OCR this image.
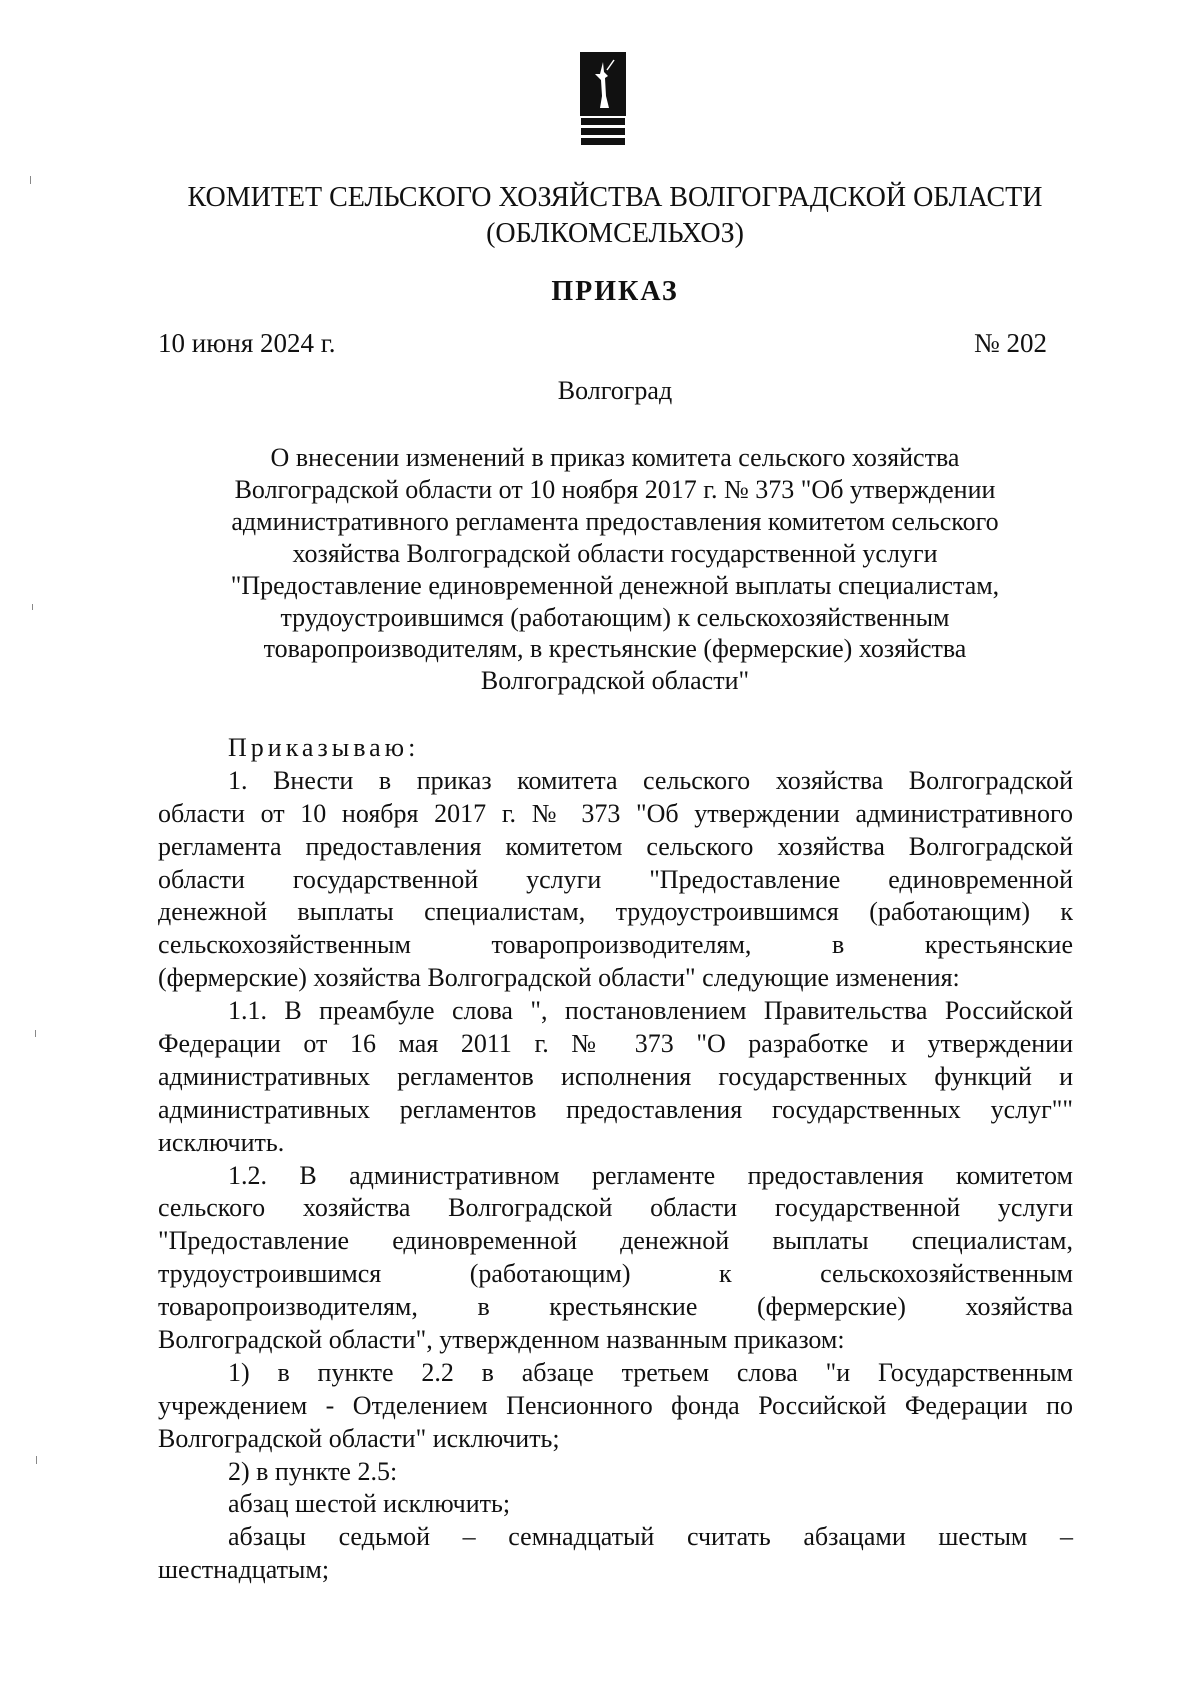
КОМИТЕТ СЕЛЬСКОГО ХОЗЯЙСТВА ВОЛГОГРАДСКОЙ ОБЛАСТИ
(ОБЛКОМСЕЛЬХОЗ)
ПРИКАЗ
10 июня 2024 г.	№ 202
Волгоград
О внесении изменений в приказ комитета сельского хозяйства
Волгоградской области от 10 ноября 2017 г. № 373 "Об утверждении
административного регламента предоставления комитетом сельского
хозяйства Волгоградской области государственной услуги
"Предоставление единовременной денежной выплаты специалистам,
трудоустроившимся (работающим) к сельскохозяйственным
товаропроизводителям, в крестьянские (фермерские) хозяйства
Волгоградской области"
Приказываю:
1. Внести в приказ комитета сельского хозяйства Волгоградской
области от 10 ноября 2017 г. № 373 "Об утверждении административного
регламента предоставления комитетом сельского хозяйства Волгоградской
области государственной услуги "Предоставление единовременной
денежной выплаты специалистам, трудоустроившимся (работающим) к
сельскохозяйственным товаропроизводителям, в крестьянские
(фермерские) хозяйства Волгоградской области" следующие изменения:
1.1. В преамбуле слова ", постановлением Правительства Российской
Федерации от 16 мая 2011 г. № 373 "О разработке и утверждении
административных регламентов исполнения государственных функций и
административных регламентов предоставления государственных услуг""
исключить.
1.2. В административном регламенте предоставления комитетом
сельского хозяйства Волгоградской области государственной услуги
"Предоставление единовременной денежной выплаты специалистам,
трудоустроившимся (работающим) к сельскохозяйственным
товаропроизводителям, в крестьянские (фермерские) хозяйства
Волгоградской области", утвержденном названным приказом:
1) в пункте 2.2 в абзаце третьем слова "и Государственным
учреждением - Отделением Пенсионного фонда Российской Федерации по
Волгоградской области" исключить;
2) в пункте 2.5:
абзац шестой исключить;
абзацы седьмой – семнадцатый считать абзацами шестым –
шестнадцатым;
